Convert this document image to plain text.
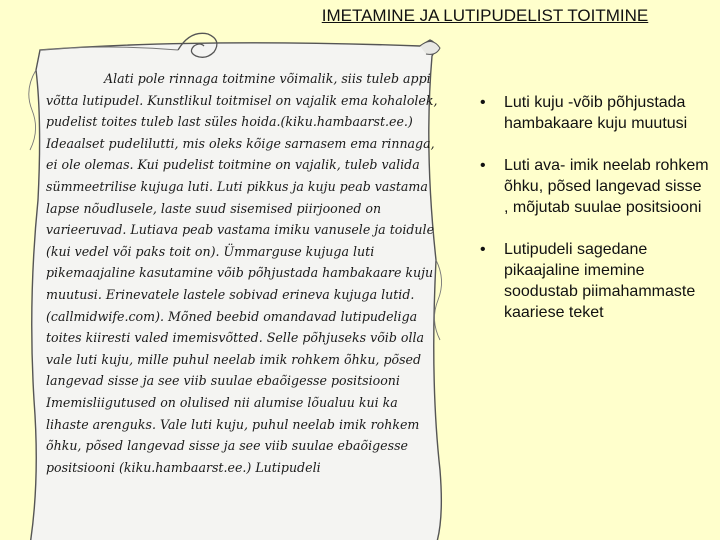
IMETAMINE JA LUTIPUDELIST TOITMINE

Alati pole rinnaga toitmine võimalik, siis tuleb appi võtta lutipudel. Kunstlikul toitmisel on vajalik ema kohalolek, pudelist toites tuleb last süles hoida.(kiku.hambaarst.ee.) Ideaalset pudelilutti, mis oleks kõige sarnasem ema rinnaga, ei ole olemas. Kui pudelist toitmine on vajalik, tuleb valida sümmeetrilise kujuga luti. Luti pikkus ja kuju peab vastama lapse nõudlusele, laste suud sisemised piirjooned on varieeruvad. Lutiava peab vastama imiku vanusele ja toidule (kui vedel või paks toit on). Ümmarguse kujuga luti pikemaajaline kasutamine võib põhjustada hambakaare kuju muutusi. Erinevatele lastele sobivad erineva kujuga lutid. (callmidwife.com). Mõned beebid omandavad lutipudeliga toites kiiresti valed imemisvõtted. Selle põhjuseks võib olla vale luti kuju, mille puhul neelab imik rohkem õhku, põsed langevad sisse ja see viib suulae ebaõigesse positsiooni Imemisliigutused on olulised nii alumise lõualuu kui ka lihaste arenguks. Vale luti kuju, puhul neelab imik rohkem õhku, põsed langevad sisse ja see viib suulae ebaõigesse positsiooni (kiku.hambaarst.ee.) Lutipudeli

• Luti kuju -võib põhjustada hambakaare kuju muutusi
• Luti ava- imik neelab rohkem õhku, põsed langevad sisse , mõjutab suulae positsiooni
• Lutipudeli sagedane pikaajaline imemine soodustab piimahammaste kaariese teket
